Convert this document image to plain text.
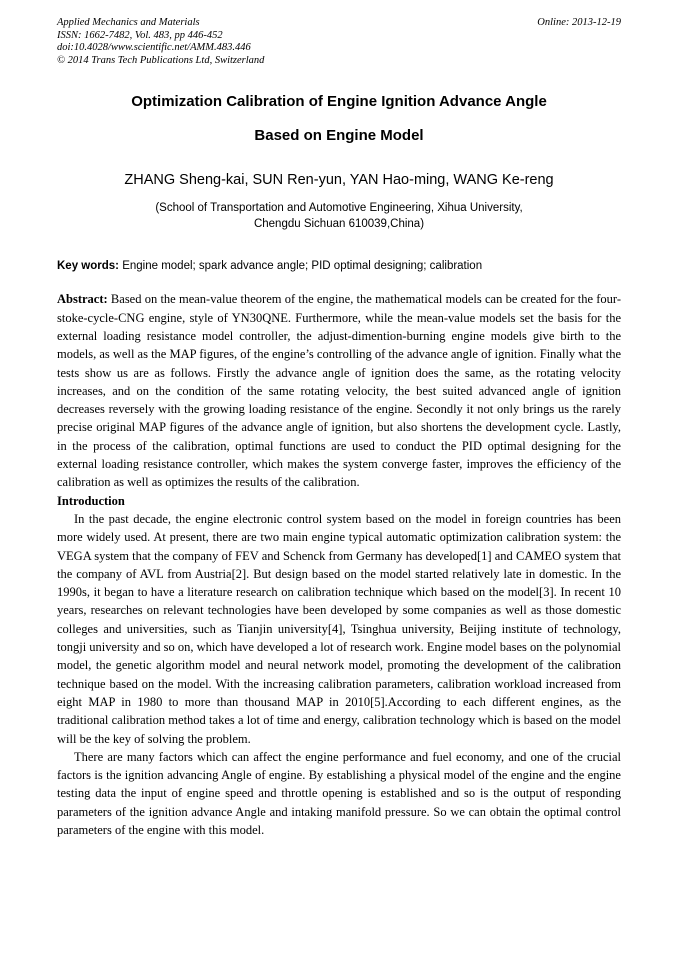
Applied Mechanics and Materials
ISSN: 1662-7482, Vol. 483, pp 446-452
doi:10.4028/www.scientific.net/AMM.483.446
© 2014 Trans Tech Publications Ltd, Switzerland
Online: 2013-12-19
Optimization Calibration of Engine Ignition Advance Angle
Based on Engine Model
ZHANG Sheng-kai, SUN Ren-yun, YAN Hao-ming, WANG Ke-reng
(School of Transportation and Automotive Engineering, Xihua University,
Chengdu Sichuan 610039,China)
Key words: Engine model; spark advance angle; PID optimal designing; calibration

Abstract: Based on the mean-value theorem of the engine, the mathematical models can be created for the four-stoke-cycle-CNG engine, style of YN30QNE. Furthermore, while the mean-value models set the basis for the external loading resistance model controller, the adjust-dimention-burning engine models give birth to the models, as well as the MAP figures, of the engine’s controlling of the advance angle of ignition. Finally what the tests show us are as follows. Firstly the advance angle of ignition does the same, as the rotating velocity increases, and on the condition of the same rotating velocity, the best suited advanced angle of ignition decreases reversely with the growing loading resistance of the engine. Secondly it not only brings us the rarely precise original MAP figures of the advance angle of ignition, but also shortens the development cycle. Lastly, in the process of the calibration, optimal functions are used to conduct the PID optimal designing for the external loading resistance controller, which makes the system converge faster, improves the efficiency of the calibration as well as optimizes the results of the calibration.

Introduction

In the past decade, the engine electronic control system based on the model in foreign countries has been more widely used. At present, there are two main engine typical automatic optimization calibration system: the VEGA system that the company of FEV and Schenck from Germany has developed[1] and CAMEO system that the company of AVL from Austria[2]. But design based on the model started relatively late in domestic. In the 1990s, it began to have a literature research on calibration technique which based on the model[3]. In recent 10 years, researches on relevant technologies have been developed by some companies as well as those domestic colleges and universities, such as Tianjin university[4], Tsinghua university, Beijing institute of technology, tongji university and so on, which have developed a lot of research work. Engine model bases on the polynomial model, the genetic algorithm model and neural network model, promoting the development of the calibration technique based on the model. With the increasing calibration parameters, calibration workload increased from eight MAP in 1980 to more than thousand MAP in 2010[5].According to each different engines, as the traditional calibration method takes a lot of time and energy, calibration technology which is based on the model will be the key of solving the problem.

There are many factors which can affect the engine performance and fuel economy, and one of the crucial factors is the ignition advancing Angle of engine. By establishing a physical model of the engine and the engine testing data the input of engine speed and throttle opening is established and so is the output of responding parameters of the ignition advance Angle and intaking manifold pressure. So we can obtain the optimal control parameters of the engine with this model.
